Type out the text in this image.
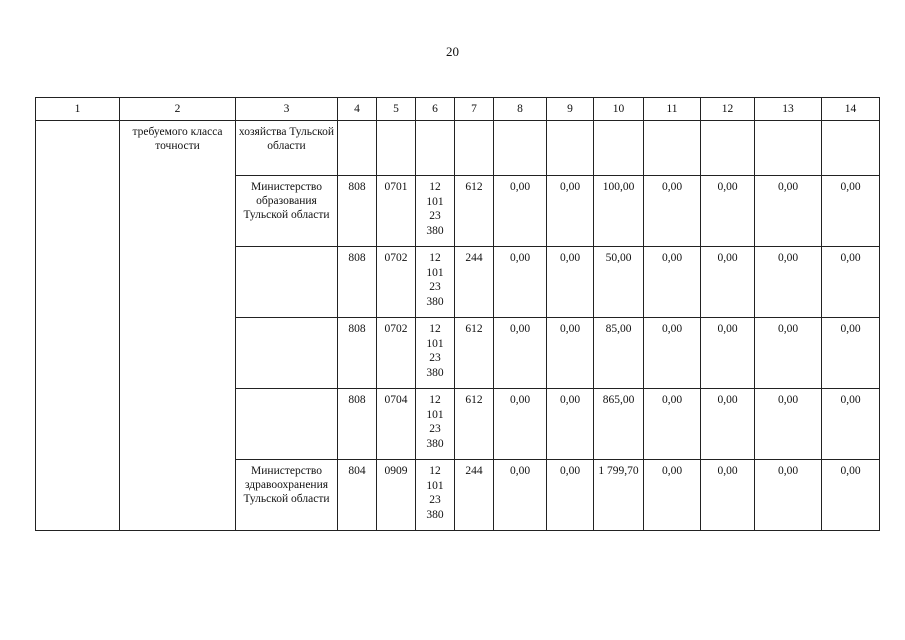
20
1	2	3	4	5	6	7	8	9	10	11	12	13	14
	требуемого класса точности	хозяйства Тульской области											
		Министерство образования Тульской области	808	0701	12
101
23
380	612	0,00	0,00	100,00	0,00	0,00	0,00	0,00
			808	0702	12
101
23
380	244	0,00	0,00	50,00	0,00	0,00	0,00	0,00
			808	0702	12
101
23
380	612	0,00	0,00	85,00	0,00	0,00	0,00	0,00
			808	0704	12
101
23
380	612	0,00	0,00	865,00	0,00	0,00	0,00	0,00
		Министерство здравоохранения Тульской области	804	0909	12
101
23
380	244	0,00	0,00	1 799,70	0,00	0,00	0,00	0,00
